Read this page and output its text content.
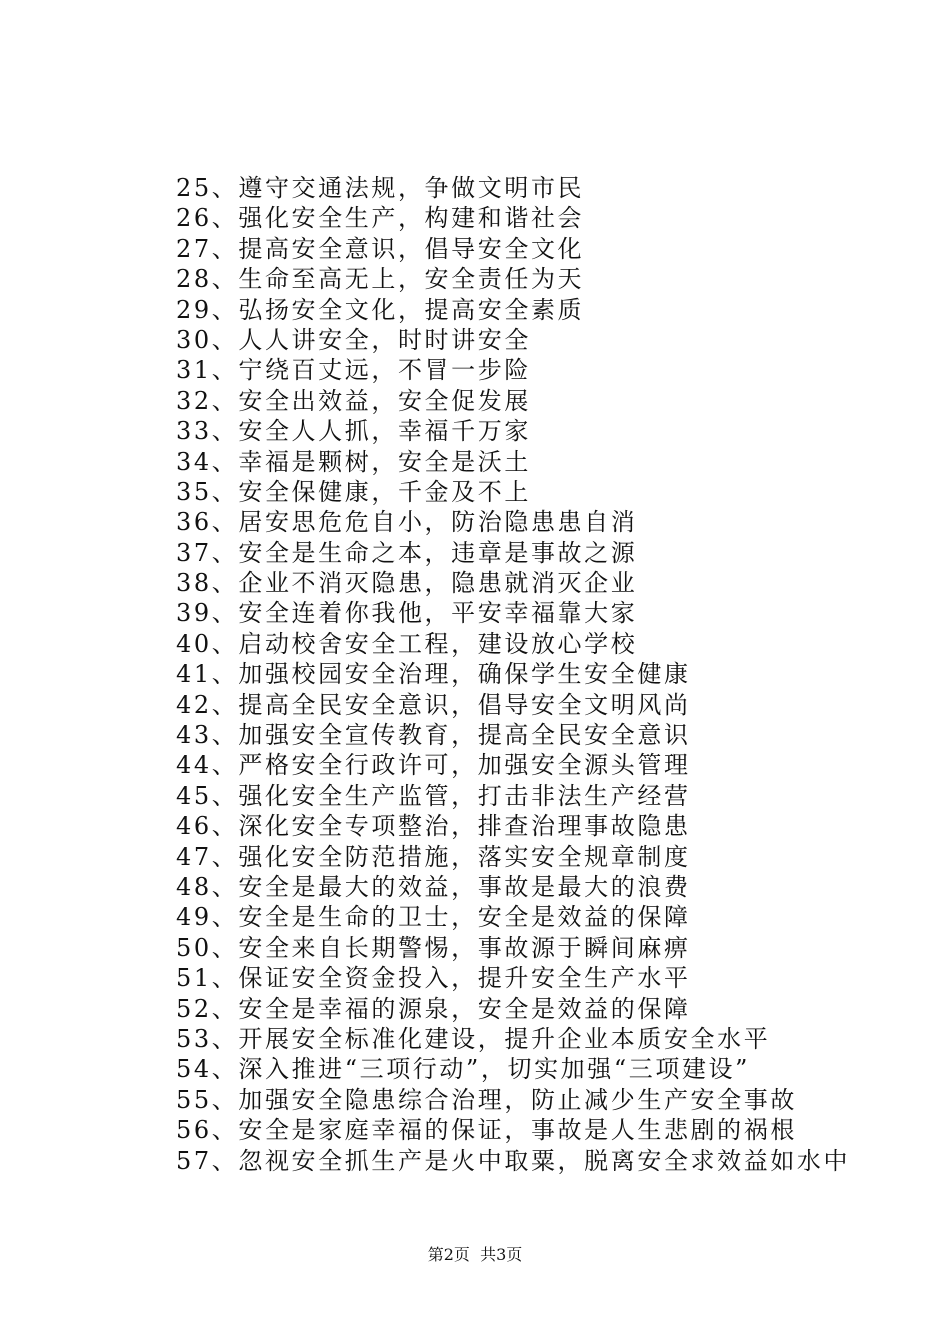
25、遵守交通法规，争做文明市民
26、强化安全生产，构建和谐社会
27、提高安全意识，倡导安全文化
28、生命至高无上，安全责任为天
29、弘扬安全文化，提高安全素质
30、人人讲安全，时时讲安全
31、宁绕百丈远，不冒一步险
32、安全出效益，安全促发展
33、安全人人抓，幸福千万家
34、幸福是颗树，安全是沃土
35、安全保健康，千金及不上
36、居安思危危自小，防治隐患患自消
37、安全是生命之本，违章是事故之源
38、企业不消灭隐患，隐患就消灭企业
39、安全连着你我他，平安幸福靠大家
40、启动校舍安全工程，建设放心学校
41、加强校园安全治理，确保学生安全健康
42、提高全民安全意识，倡导安全文明风尚
43、加强安全宣传教育，提高全民安全意识
44、严格安全行政许可，加强安全源头管理
45、强化安全生产监管，打击非法生产经营
46、深化安全专项整治，排查治理事故隐患
47、强化安全防范措施，落实安全规章制度
48、安全是最大的效益，事故是最大的浪费
49、安全是生命的卫士，安全是效益的保障
50、安全来自长期警惕，事故源于瞬间麻痹
51、保证安全资金投入，提升安全生产水平
52、安全是幸福的源泉，安全是效益的保障
53、开展安全标准化建设，提升企业本质安全水平
54、深入推进“三项行动”，切实加强“三项建设”
55、加强安全隐患综合治理，防止减少生产安全事故
56、安全是家庭幸福的保证，事故是人生悲剧的祸根
57、忽视安全抓生产是火中取粟，脱离安全求效益如水中
第2页  共3页
